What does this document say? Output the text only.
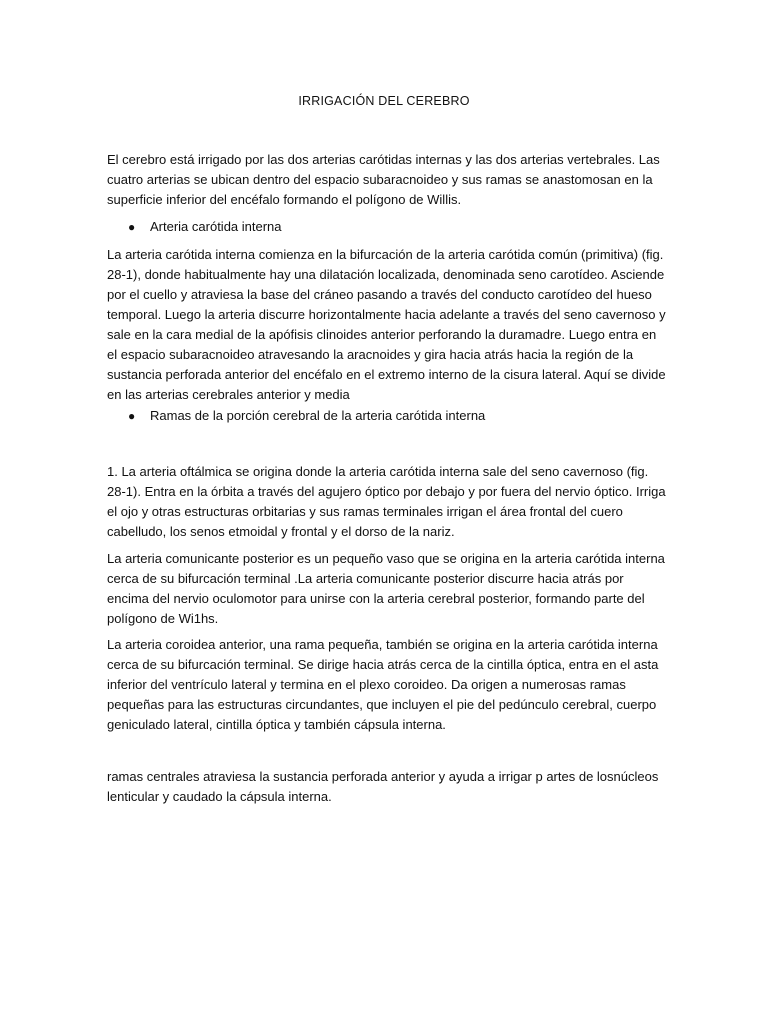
IRRIGACIÓN DEL CEREBRO

El cerebro está irrigado por las dos arterias carótidas internas y las dos arterias vertebrales. Las cuatro arterias se ubican dentro del espacio subaracnoideo y sus ramas se anastomosan en la superficie inferior del encéfalo formando el polígono de Willis.

● Arteria carótida interna

La arteria carótida interna comienza en la bifurcación de la arteria carótida común (primitiva) (fig. 28-1), donde habitualmente hay una dilatación localizada, denominada seno carotídeo. Asciende por el cuello y atraviesa la base del cráneo pasando a través del conducto carotídeo del hueso temporal. Luego la arteria discurre horizontalmente hacia adelante a través del seno cavernoso y sale en la cara medial de la apófisis clinoides anterior perforando la duramadre. Luego entra en el espacio subaracnoideo atravesando la aracnoides y gira hacia atrás hacia la región de la sustancia perforada anterior del encéfalo en el extremo interno de la cisura lateral. Aquí se divide en las arterias cerebrales anterior y media

● Ramas de la porción cerebral de la arteria carótida interna

1. La arteria oftálmica se origina donde la arteria carótida interna sale del seno cavernoso (fig. 28-1). Entra en la órbita a través del agujero óptico por debajo y por fuera del nervio óptico. Irriga el ojo y otras estructuras orbitarias y sus ramas terminales irrigan el área frontal del cuero cabelludo, los senos etmoidal y frontal y el dorso de la nariz.

La arteria comunicante posterior es un pequeño vaso que se origina en la arteria carótida interna cerca de su bifurcación terminal .La arteria comunicante posterior discurre hacia atrás por encima del nervio oculomotor para unirse con la arteria cerebral posterior, formando parte del polígono de Wi1hs.

La arteria coroidea anterior, una rama pequeña, también se origina en la arteria carótida interna cerca de su bifurcación terminal. Se dirige hacia atrás cerca de la cintilla óptica, entra en el asta inferior del ventrículo lateral y termina en el plexo coroideo. Da origen a numerosas ramas pequeñas para las estructuras circundantes, que incluyen el pie del pedúnculo cerebral, cuerpo geniculado lateral, cintilla óptica y también cápsula interna.

ramas centrales atraviesa la sustancia perforada anterior y ayuda a irrigar p artes de losnúcleos lenticular y caudado la cápsula interna.
